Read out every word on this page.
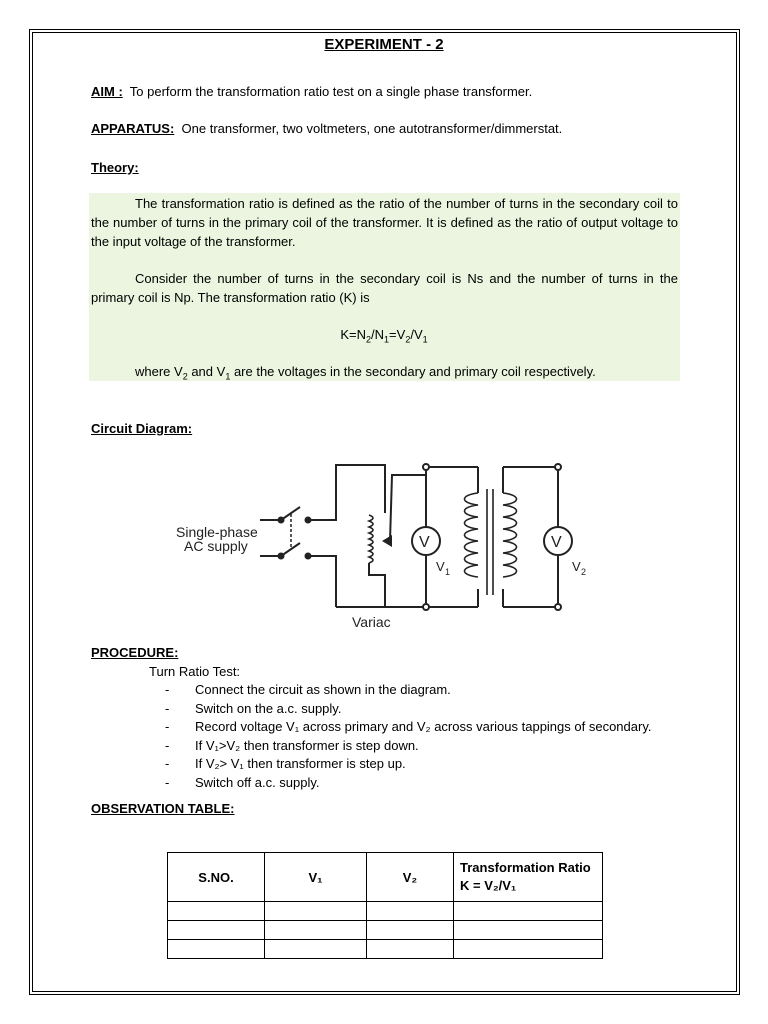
EXPERIMENT - 2
AIM : To perform the transformation ratio test on a single phase transformer.
APPARATUS: One transformer, two voltmeters, one autotransformer/dimmerstat.
Theory:
The transformation ratio is defined as the ratio of the number of turns in the secondary coil to the number of turns in the primary coil of the transformer. It is defined as the ratio of output voltage to the input voltage of the transformer.
Consider the number of turns in the secondary coil is Ns and the number of turns in the primary coil is Np. The transformation ratio (K) is
$K=N_2/N_1=V_2/V_1$
where $V_2$ and $V_1$ are the voltages in the secondary and primary coil respectively.
Circuit Diagram:
Single-phase
AC supply
Variac
V	V
V 1	V 2
PROCEDURE:
Turn Ratio Test:
- Connect the circuit as shown in the diagram.
- Switch on the a.c. supply.
- Record voltage V₁ across primary and V₂ across various tappings of secondary.
- If V₁>V₂ then transformer is step down.
- If V₂> V₁ then transformer is step up.
- Switch off a.c. supply.
OBSERVATION TABLE:
S.NO.	V₁	V₂	Transformation Ratio
K = V₂/V₁
